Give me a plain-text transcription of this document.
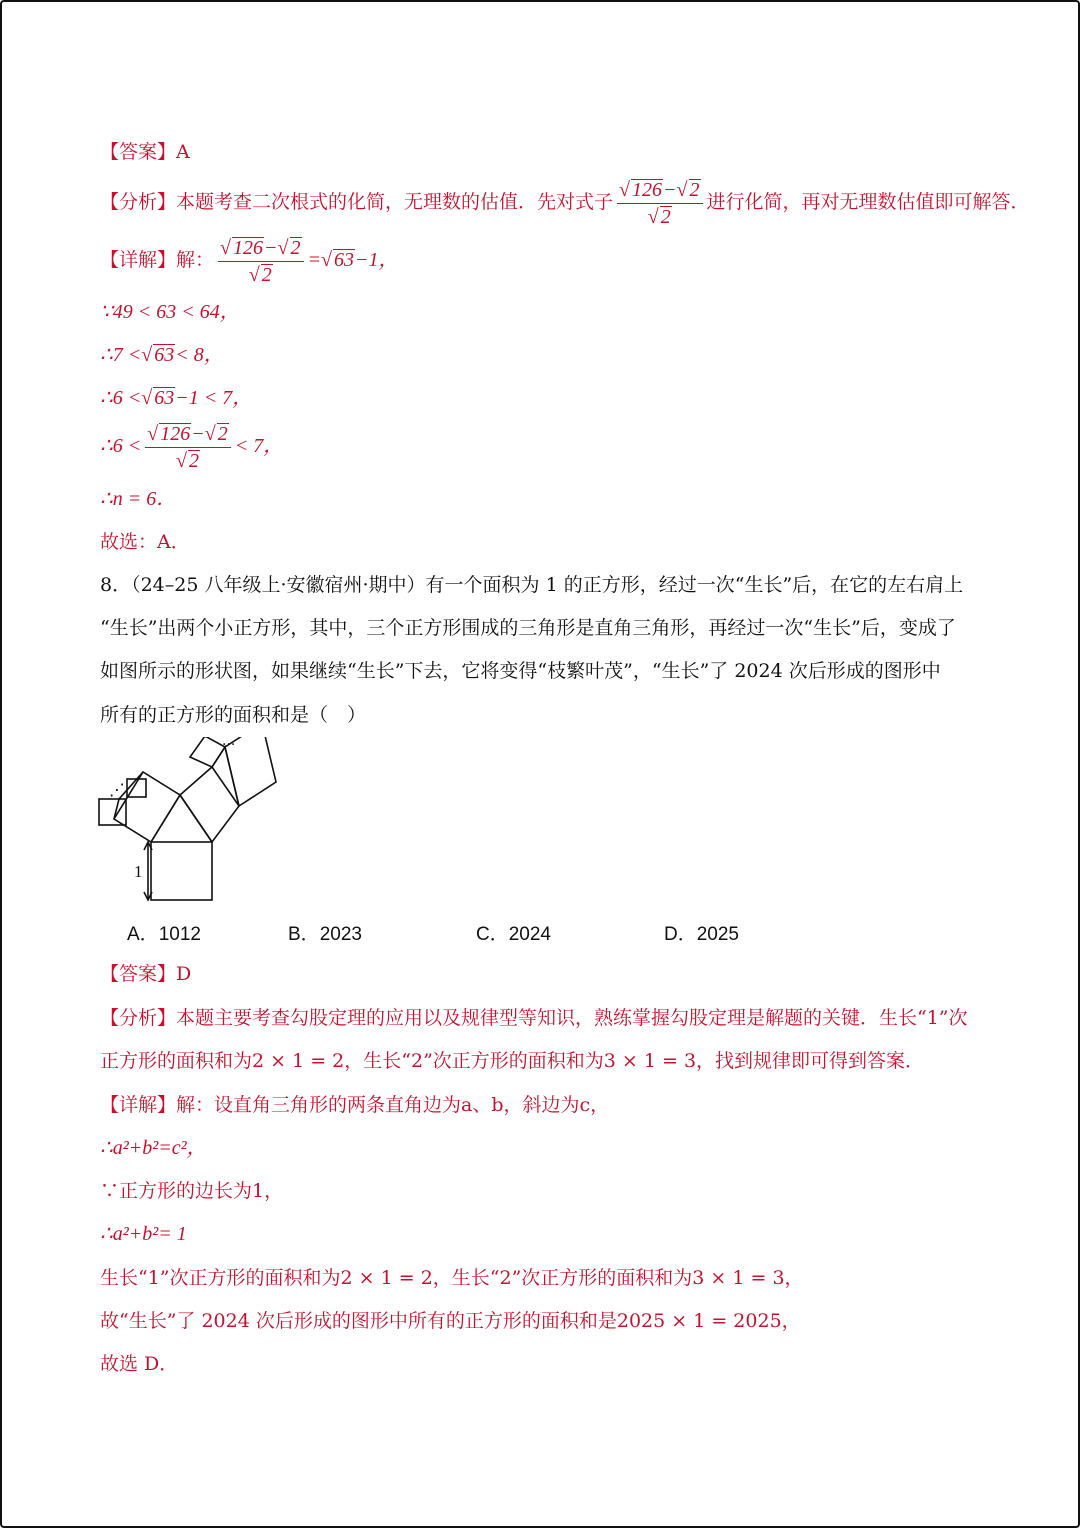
【答案】A
【分析】本题考查二次根式的化简，无理数的估值．先对式子 $\frac{√ 126-√ 2}{√ 2}$ 进行化简，再对无理数估值即可解答．
【详解】解： $\frac{√ 126-√ 2}{√ 2}$ =√ 63−1，
∵49 < 63 < 64，
∴7 <√ 63< 8，
∴6 <√ 63−1 < 7，
∴6 < $\frac{√ 126-√ 2}{√ 2} < 7$，
∴n = 6．
故选：A．
8．（24–25 八年级上·安徽宿州·期中）有一个面积为 1 的正方形，经过一次“生长”后，在它的左右肩上
“生长”出两个小正方形，其中，三个正方形围成的三角形是直角三角形，再经过一次“生长”后，变成了
如图所示的形状图，如果继续“生长”下去，它将变得“枝繁叶茂”，“生长”了 2024 次后形成的图形中
所有的正方形的面积和是（　）
1
···
⋰
A．1012	B．2023	C．2024	D．2025
【答案】D
【分析】本题主要考查勾股定理的应用以及规律型等知识，熟练掌握勾股定理是解题的关键．生长“1”次
正方形的面积和为2 × 1 = 2，生长“2”次正方形的面积和为3 × 1 = 3，找到规律即可得到答案．
【详解】解：设直角三角形的两条直角边为a、b，斜边为c，
∴a²+b²=c²，
∵正方形的边长为1，
∴a²+b²= 1
生长“1”次正方形的面积和为2 × 1 = 2，生长“2”次正方形的面积和为3 × 1 = 3，
故“生长”了 2024 次后形成的图形中所有的正方形的面积和是2025 × 1 = 2025，
故选 D．
